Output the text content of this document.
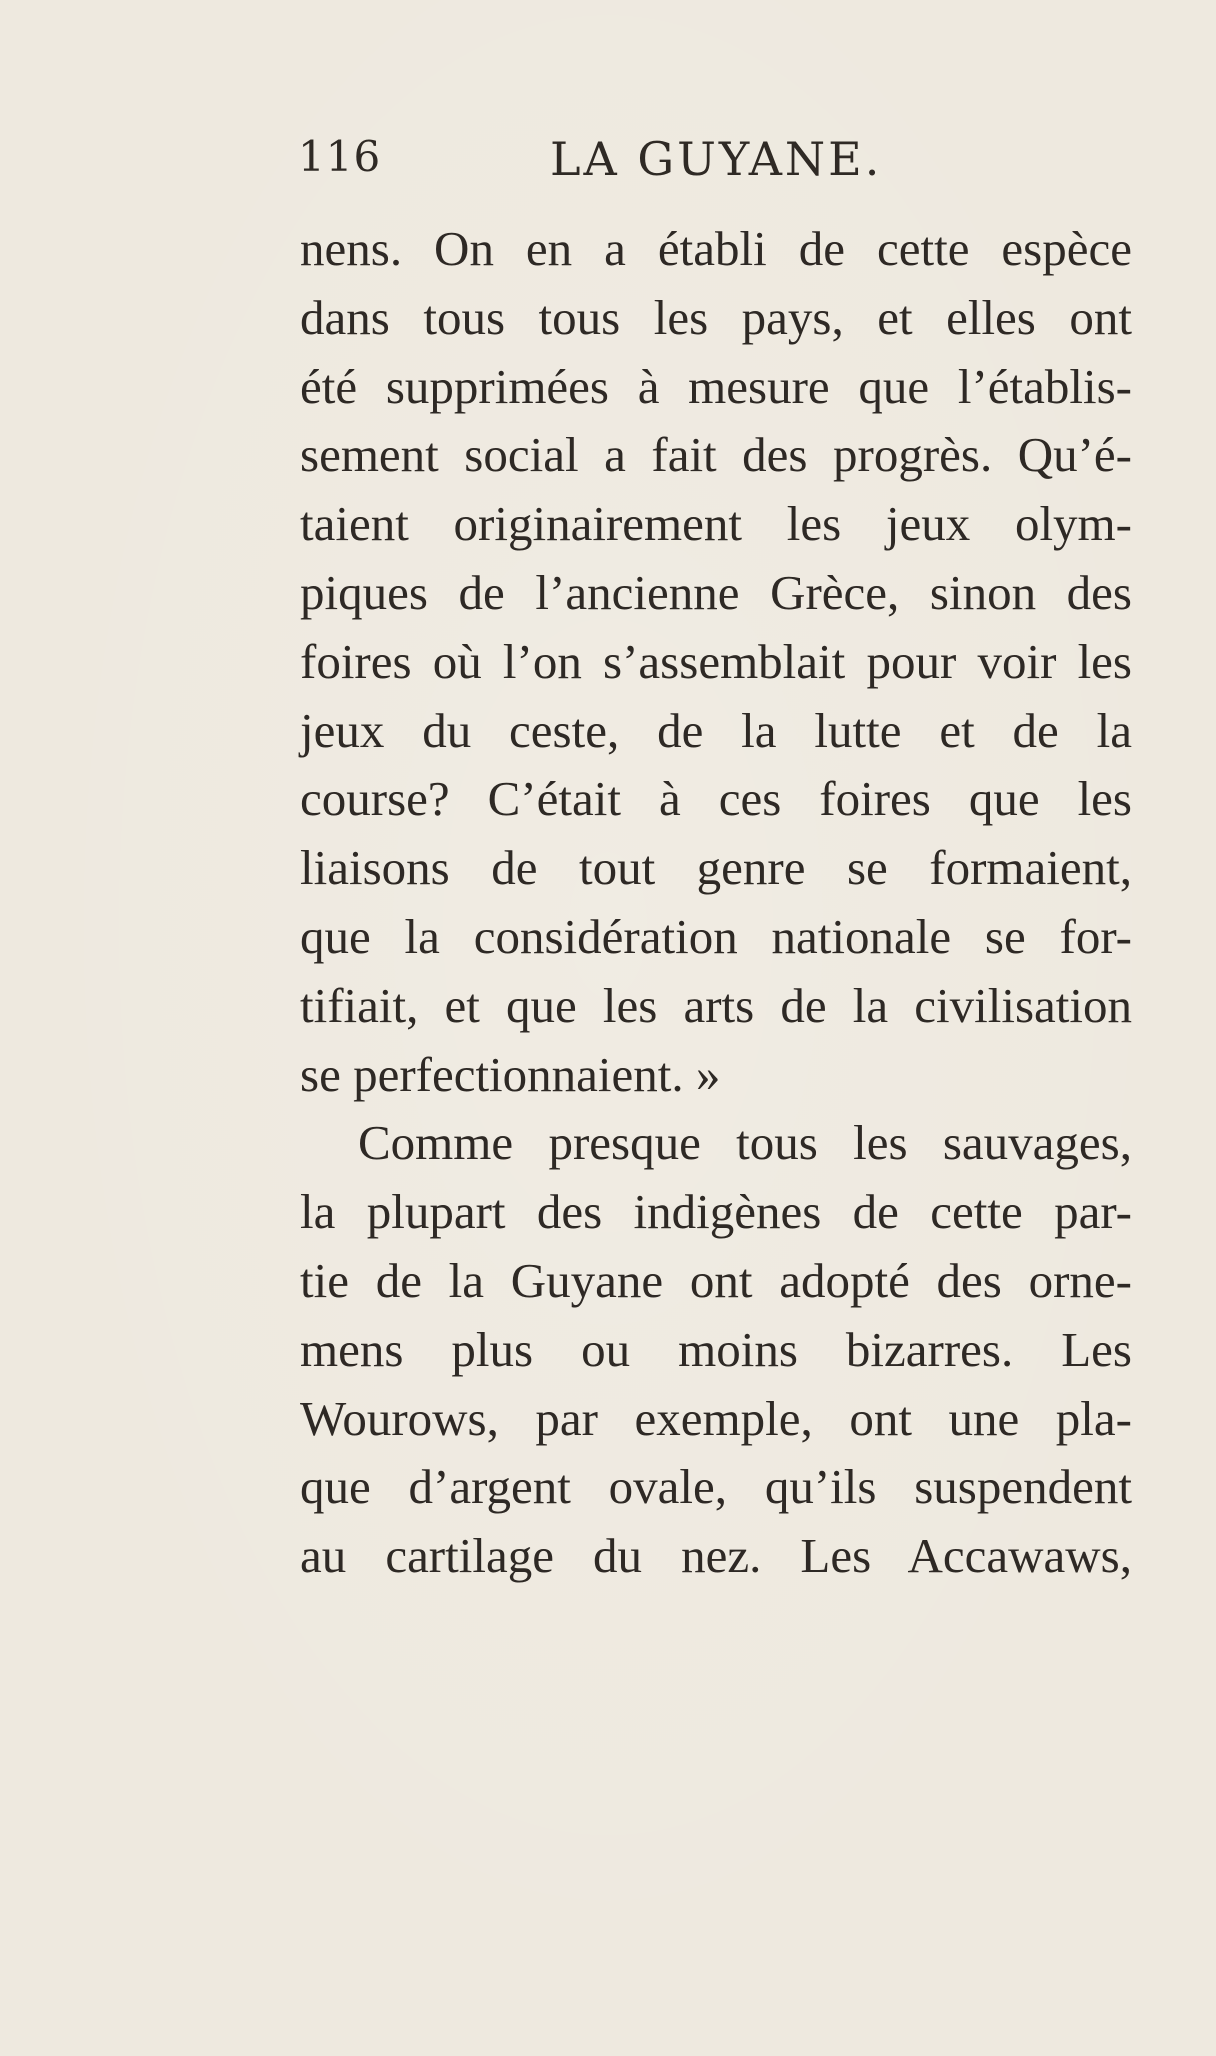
116	LA GUYANE.
nens. On en a établi de cette espèce
dans tous tous les pays, et elles ont
été supprimées à mesure que l’établis-
sement social a fait des progrès. Qu’é-
taient originairement les jeux olym-
piques de l’ancienne Grèce, sinon des
foires où l’on s’assemblait pour voir les
jeux du ceste, de la lutte et de la
course? C’était à ces foires que les
liaisons de tout genre se formaient,
que la considération nationale se for-
tifiait, et que les arts de la civilisation
se perfectionnaient. »
Comme presque tous les sauvages,
la plupart des indigènes de cette par-
tie de la Guyane ont adopté des orne-
mens plus ou moins bizarres. Les
Wourows, par exemple, ont une pla-
que d’argent ovale, qu’ils suspendent
au cartilage du nez. Les Accawaws,
